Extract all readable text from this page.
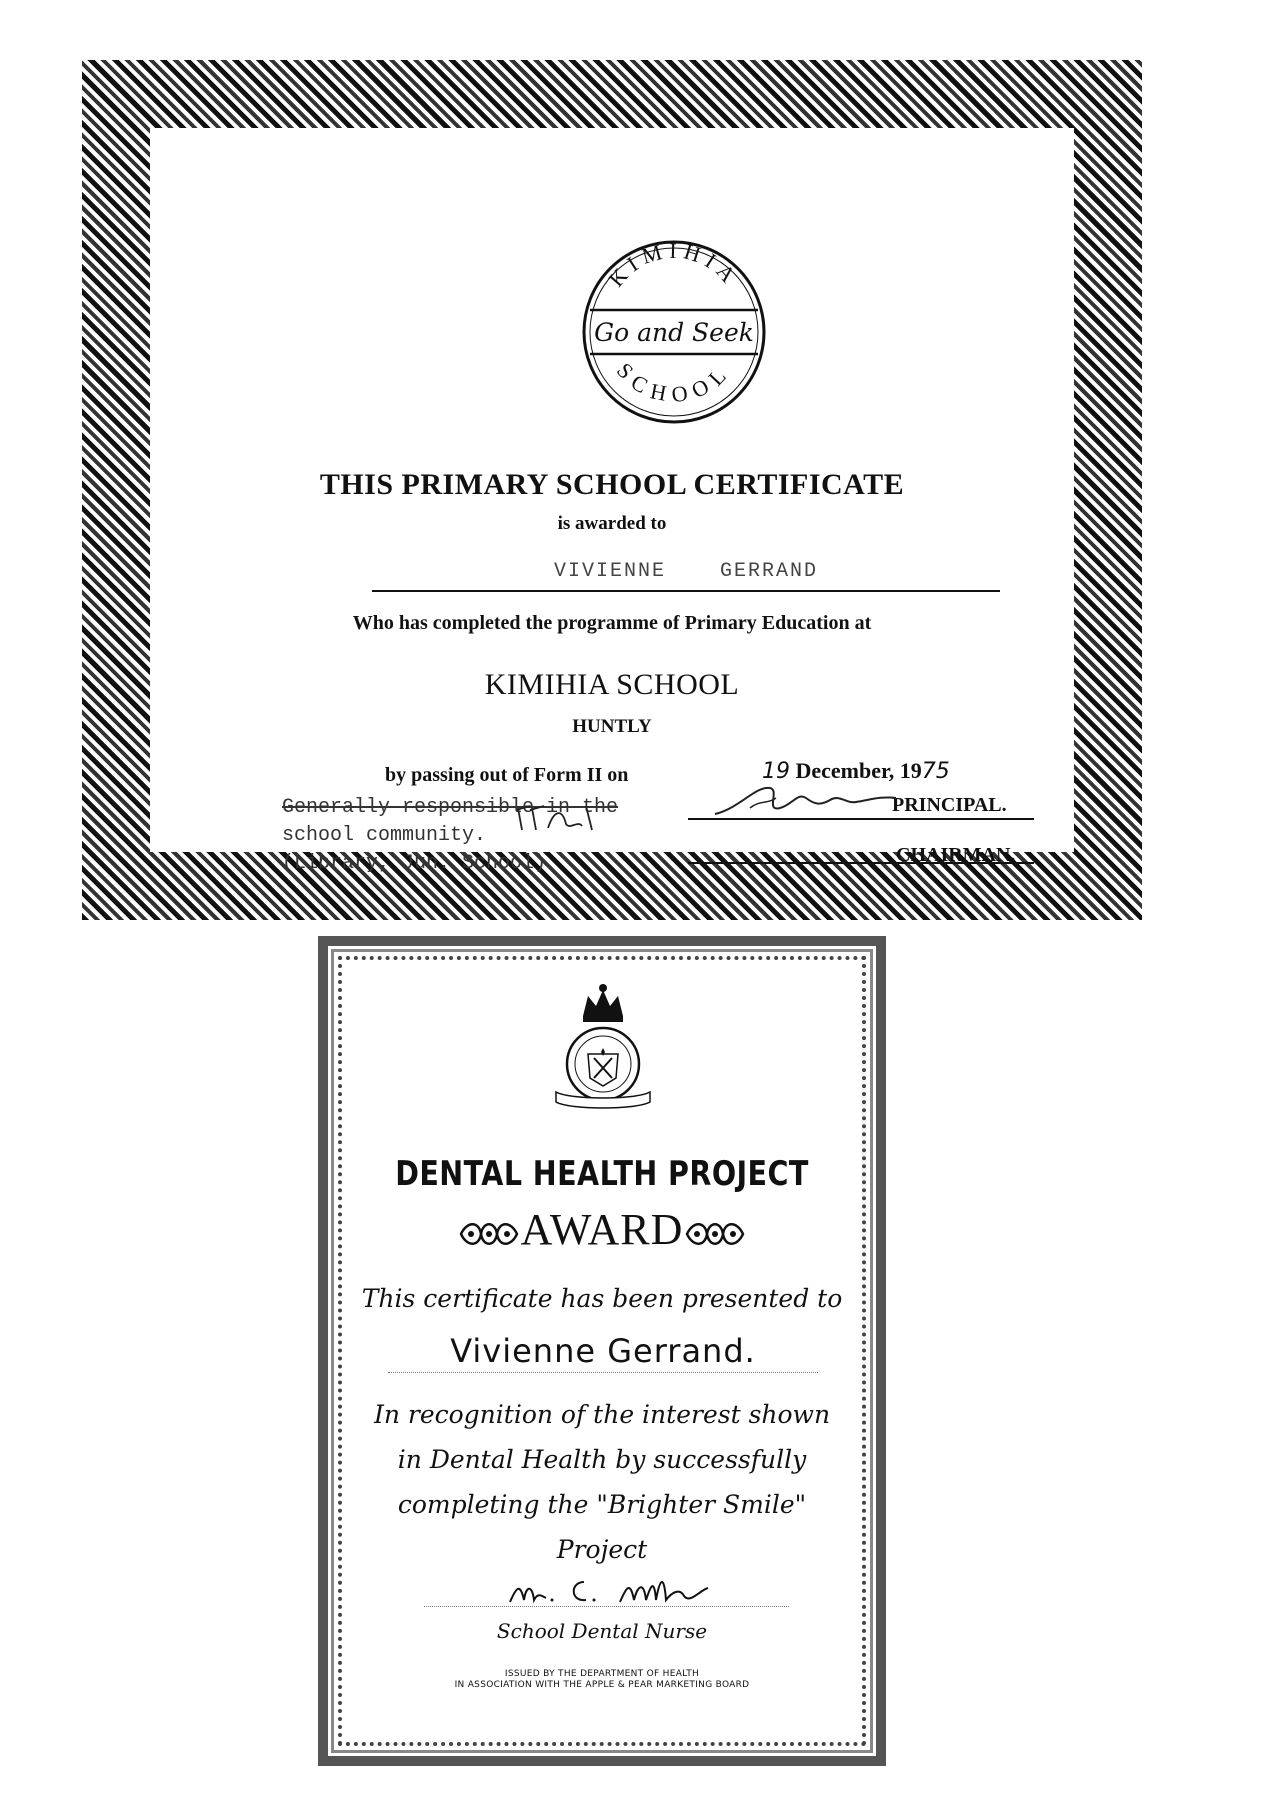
KIMIHIA
SCHOOL
Go and Seek
THIS PRIMARY SCHOOL CERTIFICATE
is awarded to
VIVIENNE GERRAND
Who has completed the programme of Primary Education at
KIMIHIA SCHOOL
HUNTLY
by passing out of Form II on	19 December, 1975
PRINCIPAL.
CHAIRMAN.
Generally responsible in the
school community.
(Library, Jun. School)
DENTAL HEALTH PROJECT
AWARD
This certificate has been presented to
Vivienne Gerrand.
In recognition of the interest shown
in Dental Health by successfully
completing the "Brighter Smile"
Project
School Dental Nurse
ISSUED BY THE DEPARTMENT OF HEALTH
IN ASSOCIATION WITH THE APPLE & PEAR MARKETING BOARD
